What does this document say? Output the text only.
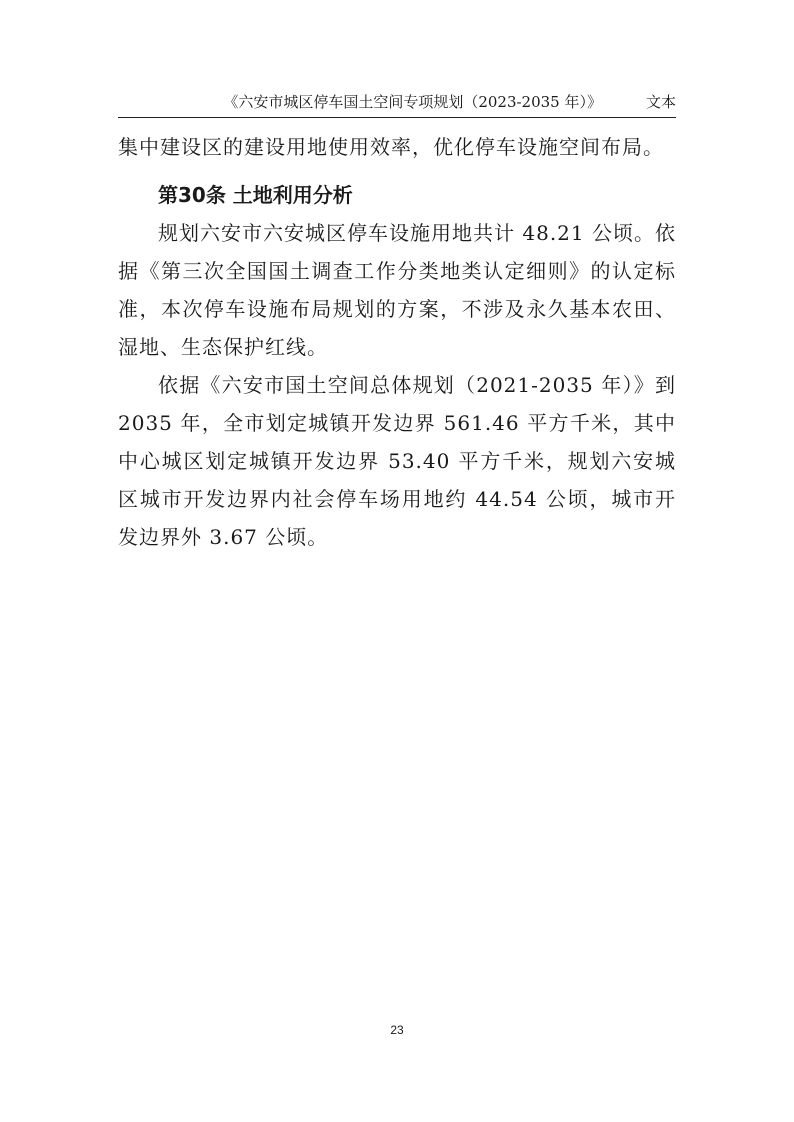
《六安市城区停车国土空间专项规划（2023-2035 年）》	文本

集中建设区的建设用地使用效率，优化停车设施空间布局。

第30条 土地利用分析

规划六安市六安城区停车设施用地共计 48.21 公顷。依据《第三次全国国土调查工作分类地类认定细则》的认定标准，本次停车设施布局规划的方案，不涉及永久基本农田、湿地、生态保护红线。

依据《六安市国土空间总体规划（2021-2035 年）》到 2035 年，全市划定城镇开发边界 561.46 平方千米，其中中心城区划定城镇开发边界 53.40 平方千米，规划六安城区城市开发边界内社会停车场用地约 44.54 公顷，城市开发边界外 3.67 公顷。

23
